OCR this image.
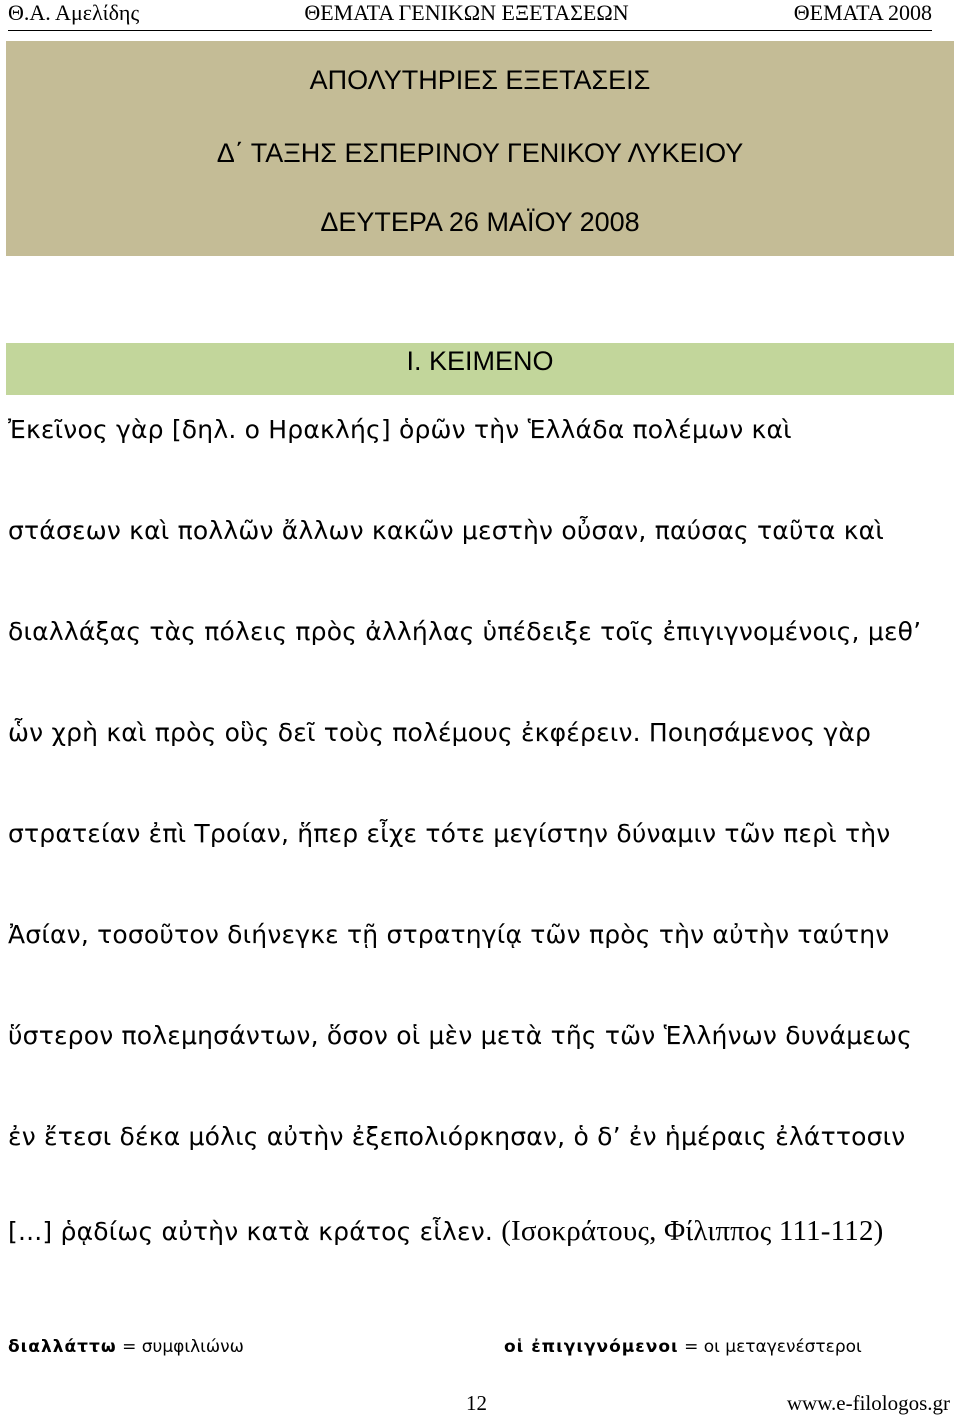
Θ.Α. Αμελίδης	ΘΕΜΑΤΑ ΓΕΝΙΚΩΝ ΕΞΕΤΑΣΕΩΝ	ΘΕΜΑΤΑ 2008
ΑΠΟΛΥΤΗΡΙΕΣ ΕΞΕΤΑΣΕΙΣ
Δ΄ ΤΑΞΗΣ ΕΣΠΕΡΙΝΟΥ ΓΕΝΙΚΟΥ ΛΥΚΕΙΟΥ
ΔΕΥΤΕΡΑ 26 ΜΑΪΟΥ 2008
Ι. ΚΕΙΜΕΝΟ
Ἐκεῖνος γὰρ [δηλ. ο Ηρακλής] ὁρῶν τὴν Ἑλλάδα πολέμων καὶ
στάσεων καὶ πολλῶν ἄλλων κακῶν μεστὴν οὖσαν, παύσας ταῦτα καὶ
διαλλάξας τὰς πόλεις πρὸς ἀλλήλας ὑπέδειξε τοῖς ἐπιγιγνομένοις, μεθ’
ὧν χρὴ καὶ πρὸς οὓς δεῖ τοὺς πολέμους ἐκφέρειν. Ποιησάμενος γὰρ
στρατείαν ἐπὶ Τροίαν, ἥπερ εἶχε τότε μεγίστην δύναμιν τῶν περὶ τὴν
Ἀσίαν, τοσοῦτον διήνεγκε τῇ στρατηγίᾳ τῶν πρὸς τὴν αὐτὴν ταύτην
ὕστερον πολεμησάντων, ὅσον οἱ μὲν μετὰ τῆς τῶν Ἑλλήνων δυνάμεως
ἐν ἔτεσι δέκα μόλις αὐτὴν ἐξεπολιόρκησαν, ὁ δ’ ἐν ἡμέραις ἐλάττοσιν
[...] ῥᾳδίως αὐτὴν κατὰ κράτος εἷλεν. (Ισοκράτους, Φίλιππος 111-112)
διαλλάττω = συμφιλιώνω	οἱ ἐπιγιγνόμενοι = οι μεταγενέστεροι
12	www.e-filologos.gr
